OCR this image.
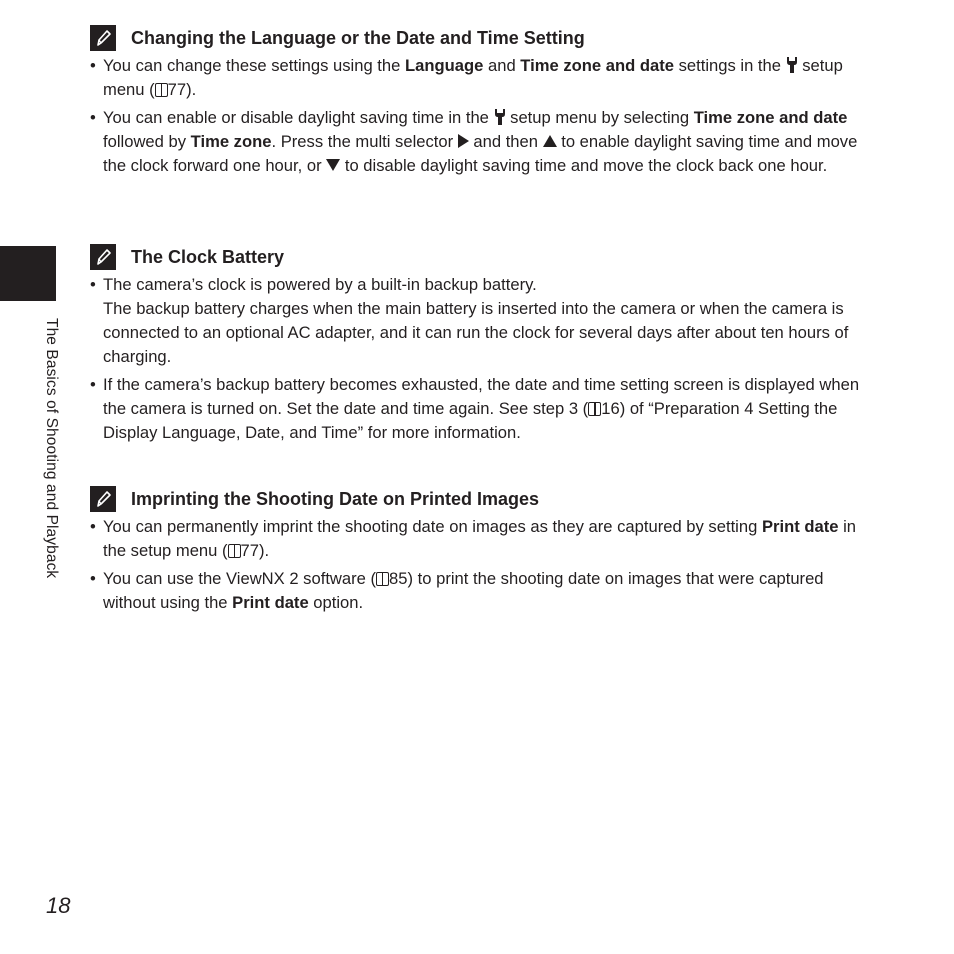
The Basics of Shooting and Playback
Changing the Language or the Date and Time Setting
• You can change these settings using the Language and Time zone and date settings in the  setup menu ( 77).
• You can enable or disable daylight saving time in the  setup menu by selecting Time zone and date followed by Time zone. Press the multi selector  and then  to enable daylight saving time and move the clock forward one hour, or  to disable daylight saving time and move the clock back one hour.
The Clock Battery
• The camera’s clock is powered by a built-in backup battery.
The backup battery charges when the main battery is inserted into the camera or when the camera is connected to an optional AC adapter, and it can run the clock for several days after about ten hours of charging.
• If the camera’s backup battery becomes exhausted, the date and time setting screen is displayed when the camera is turned on. Set the date and time again. See step 3 ( 16) of “Preparation 4 Setting the Display Language, Date, and Time” for more information.
Imprinting the Shooting Date on Printed Images
• You can permanently imprint the shooting date on images as they are captured by setting Print date in the setup menu ( 77).
• You can use the ViewNX 2 software ( 85) to print the shooting date on images that were captured without using the Print date option.
18
